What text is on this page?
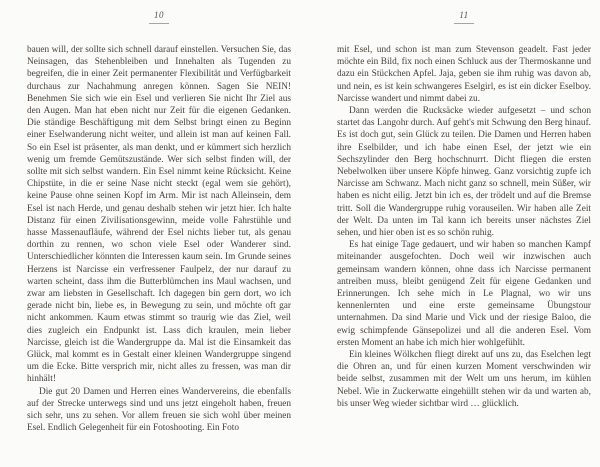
10

bauen will, der sollte sich schnell darauf einstellen. Versuchen Sie, das Neinsagen, das Stehenbleiben und Innehalten als Tugenden zu begreifen, die in einer Zeit permanenter Flexibilität und Verfügbarkeit durchaus zur Nachahmung anregen können. Sagen Sie NEIN! Benehmen Sie sich wie ein Esel und verlieren Sie nicht Ihr Ziel aus den Augen. Man hat eben nicht nur Zeit für die eigenen Gedanken. Die ständige Beschäftigung mit dem Selbst bringt einen zu Beginn einer Eselwanderung nicht weiter, und allein ist man auf keinen Fall. So ein Esel ist präsenter, als man denkt, und er kümmert sich herzlich wenig um fremde Gemütszustände. Wer sich selbst finden will, der sollte mit sich selbst wandern. Ein Esel nimmt keine Rücksicht. Keine Chipstüte, in die er seine Nase nicht steckt (egal wem sie gehört), keine Pause ohne seinen Kopf im Arm. Mir ist nach Alleinsein, dem Esel ist nach Herde, und genau deshalb stehen wir jetzt hier. Ich halte Distanz für einen Zivilisationsgewinn, meide volle Fahrstühle und hasse Massenaufläufe, während der Esel nichts lieber tut, als genau dorthin zu rennen, wo schon viele Esel oder Wanderer sind. Unterschiedlicher könnten die Interessen kaum sein. Im Grunde seines Herzens ist Narcisse ein verfressener Faulpelz, der nur darauf zu warten scheint, dass ihm die Butterblümchen ins Maul wachsen, und zwar am liebsten in Gesellschaft. Ich dagegen bin gern dort, wo ich gerade nicht bin, liebe es, in Bewegung zu sein, und möchte oft gar nicht ankommen. Kaum etwas stimmt so traurig wie das Ziel, weil dies zugleich ein Endpunkt ist. Lass dich kraulen, mein lieber Narcisse, gleich ist die Wandergruppe da. Mal ist die Einsamkeit das Glück, mal kommt es in Gestalt einer kleinen Wandergruppe singend um die Ecke. Bitte versprich mir, nicht alles zu fressen, was man dir hinhält!

Die gut 20 Damen und Herren eines Wandervereins, die ebenfalls auf der Strecke unterwegs sind und uns jetzt eingeholt haben, freuen sich sehr, uns zu sehen. Vor allem freuen sie sich wohl über meinen Esel. Endlich Gelegenheit für ein Fotoshooting. Ein Foto

11

mit Esel, und schon ist man zum Stevenson geadelt. Fast jeder möchte ein Bild, fix noch einen Schluck aus der Thermoskanne und dazu ein Stückchen Apfel. Jaja, geben sie ihm ruhig was davon ab, und nein, es ist kein schwangeres Eselgirl, es ist ein dicker Eselboy. Narcisse wandert und nimmt dabei zu.

Dann werden die Rucksäcke wieder aufgesetzt – und schon startet das Langohr durch. Auf geht's mit Schwung den Berg hinauf. Es ist doch gut, sein Glück zu teilen. Die Damen und Herren haben ihre Eselbilder, und ich habe einen Esel, der jetzt wie ein Sechszylinder den Berg hochschnurrt. Dicht fliegen die ersten Nebelwolken über unsere Köpfe hinweg. Ganz vorsichtig zupfe ich Narcisse am Schwanz. Mach nicht ganz so schnell, mein Süßer, wir haben es nicht eilig. Jetzt bin ich es, der trödelt und auf die Bremse tritt. Soll die Wandergruppe ruhig vorauseilen. Wir haben alle Zeit der Welt. Da unten im Tal kann ich bereits unser nächstes Ziel sehen, und hier oben ist es so schön ruhig.

Es hat einige Tage gedauert, und wir haben so manchen Kampf miteinander ausgefochten. Doch weil wir inzwischen auch gemeinsam wandern können, ohne dass ich Narcisse permanent antreiben muss, bleibt genügend Zeit für eigene Gedanken und Erinnerungen. Ich sehe mich in Le Plagnal, wo wir uns kennenlernten und eine erste gemeinsame Übungstour unternahmen. Da sind Marie und Vick und der riesige Baloo, die ewig schimpfende Gänsepolizei und all die anderen Esel. Vom ersten Moment an habe ich mich hier wohlgefühlt.

Ein kleines Wölkchen fliegt direkt auf uns zu, das Eselchen legt die Ohren an, und für einen kurzen Moment verschwinden wir beide selbst, zusammen mit der Welt um uns herum, im kühlen Nebel. Wie in Zuckerwatte eingehüllt stehen wir da und warten ab, bis unser Weg wieder sichtbar wird … glücklich.
